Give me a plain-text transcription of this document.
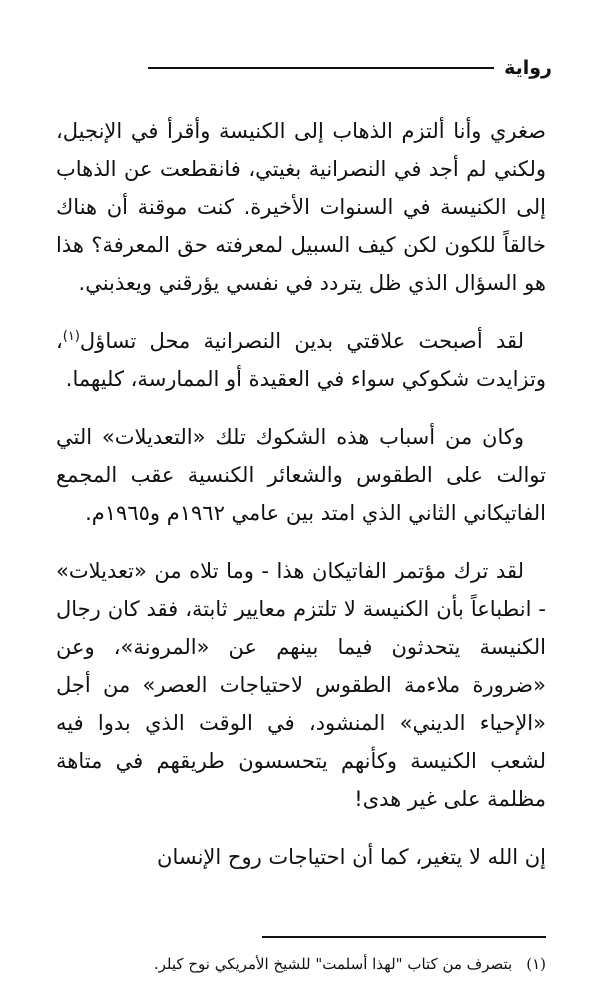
رواية

صغري وأنا ألتزم الذهاب إلى الكنيسة وأقرأ في الإنجيل، ولكني لم أجد في النصرانية بغيتي، فانقطعت عن الذهاب إلى الكنيسة في السنوات الأخيرة. كنت موقنة أن هناك خالقاً للكون لكن كيف السبيل لمعرفته حق المعرفة؟ هذا هو السؤال الذي ظل يتردد في نفسي يؤرقني ويعذبني.

لقد أصبحت علاقتي بدين النصرانية محل تساؤل$^{(١)}$، وتزايدت شكوكي سواء في العقيدة أو الممارسة، كليهما.

وكان من أسباب هذه الشكوك تلك «التعديلات» التي توالت على الطقوس والشعائر الكنسية عقب المجمع الفاتيكاني الثاني الذي امتد بين عامي ١٩٦٢م و١٩٦٥م.

لقد ترك مؤتمر الفاتيكان هذا - وما تلاه من «تعديلات» - انطباعاً بأن الكنيسة لا تلتزم معايير ثابتة، فقد كان رجال الكنيسة يتحدثون فيما بينهم عن «المرونة»، وعن «ضرورة ملاءمة الطقوس لاحتياجات العصر» من أجل «الإحياء الديني» المنشود، في الوقت الذي بدوا فيه لشعب الكنيسة وكأنهم يتحسسون طريقهم في متاهة مظلمة على غير هدى!

إن الله لا يتغير، كما أن احتياجات روح الإنسان

(١)بتصرف من كتاب "لهذا أسلمت" للشيخ الأمريكي نوح كيلر.
